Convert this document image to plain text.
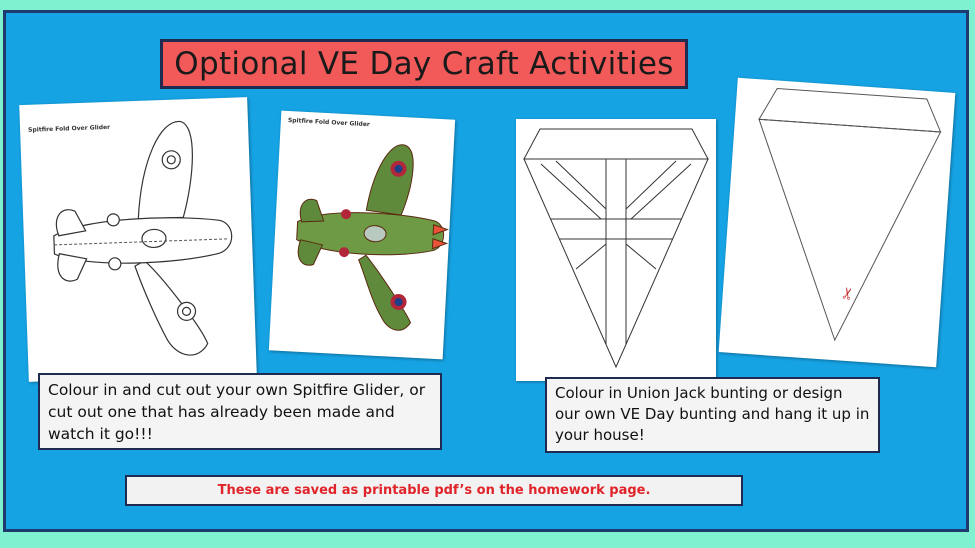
Optional VE Day Craft Activities
Spitfire Fold Over Glider
Spitfire Fold Over Glider
✂
Colour in and cut out your own Spitfire Glider, or cut out one that has already been made and watch it go!!!
Colour in Union Jack bunting or design our own VE Day bunting and hang it up in your house!
These are saved as printable pdf’s on the homework page.
